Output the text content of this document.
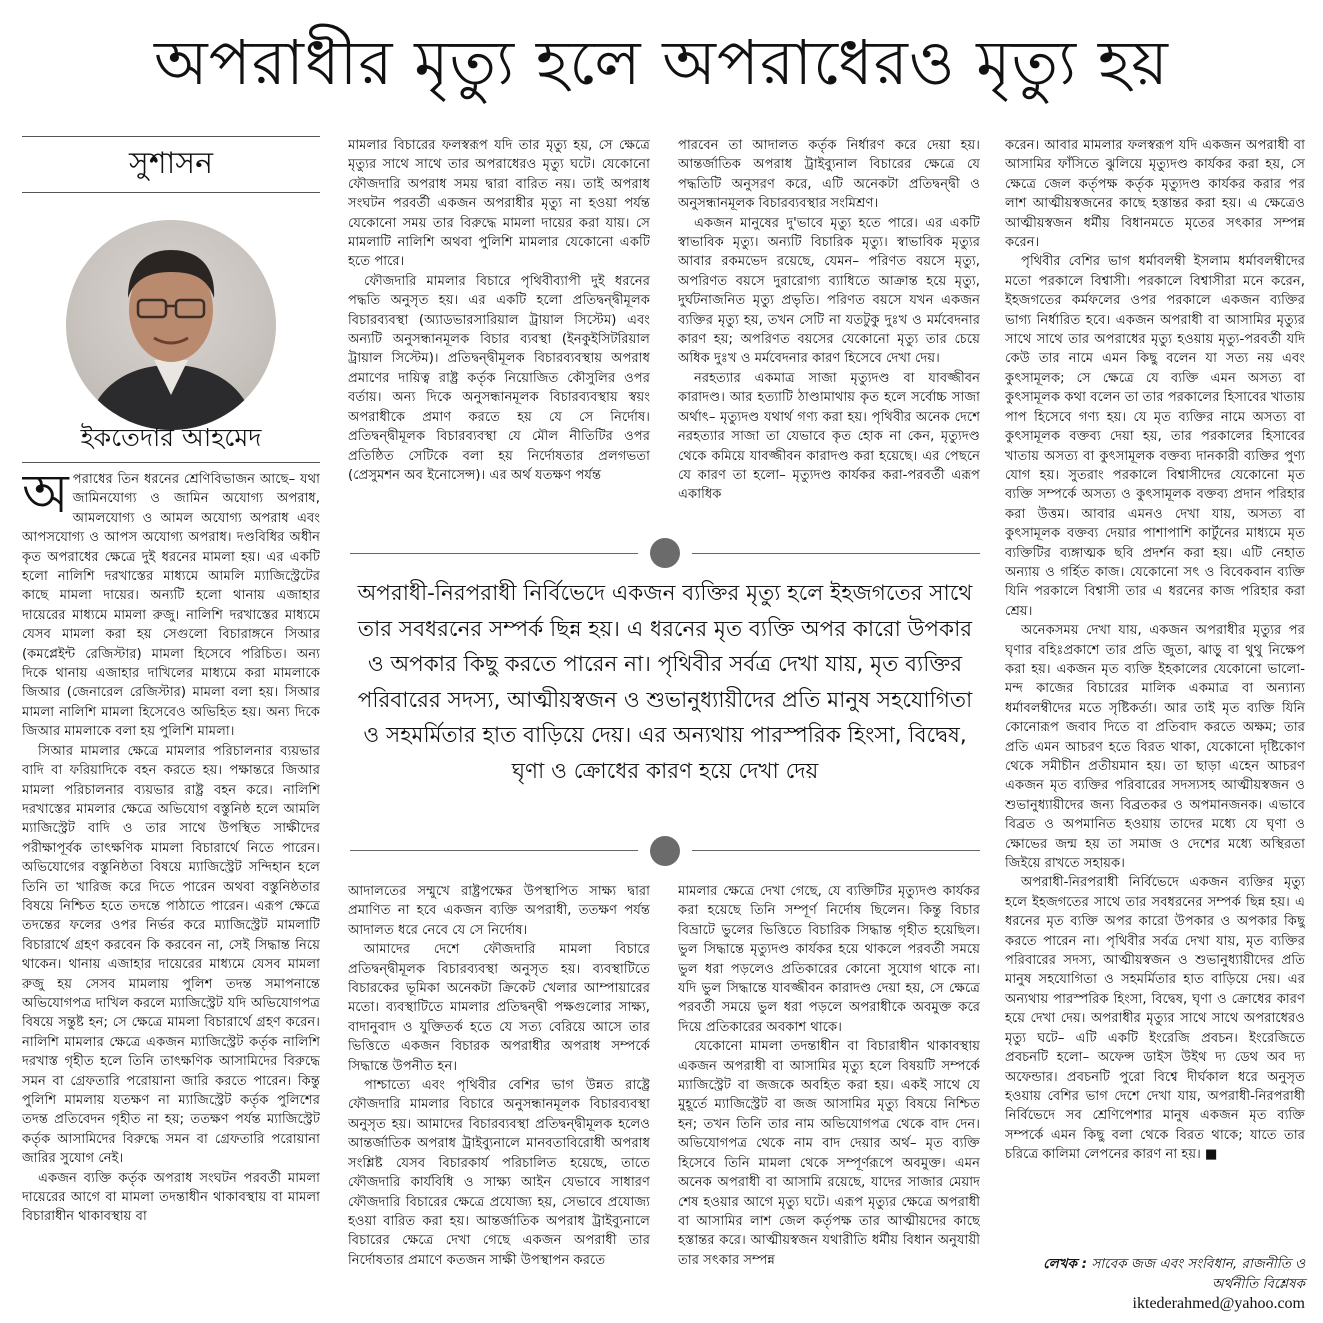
অপরাধীর মৃত্যু হলে অপরাধেরও মৃত্যু হয়
সুশাসন
ইকতেদার আহমেদ

অপরাধের তিন ধরনের শ্রেণিবিভাজন আছে– যথা জামিনযোগ্য ও জামিন অযোগ্য অপরাধ, আমলযোগ্য ও আমল অযোগ্য অপরাধ এবং আপসযোগ্য ও আপস অযোগ্য অপরাধ। দণ্ডবিধির অধীন কৃত অপরাধের ক্ষেত্রে দুই ধরনের মামলা হয়। এর একটি হলো নালিশি দরখাস্তের মাধ্যমে আমলি ম্যাজিস্ট্রেটের কাছে মামলা দায়ের। অন্যটি হলো থানায় এজাহার দায়েরের মাধ্যমে মামলা রুজু। নালিশি দরখাস্তের মাধ্যমে যেসব মামলা করা হয় সেগুলো বিচারাঙ্গনে সিআর (কমপ্লেইন্ট রেজিস্টার) মামলা হিসেবে পরিচিত। অন্য দিকে থানায় এজাহার দাখিলের মাধ্যমে করা মামলাকে জিআর (জেনারেল রেজিস্টার) মামলা বলা হয়। সিআর মামলা নালিশি মামলা হিসেবেও অভিহিত হয়। অন্য দিকে জিআর মামলাকে বলা হয় পুলিশি মামলা।

সিআর মামলার ক্ষেত্রে মামলার পরিচালনার ব্যয়ভার বাদি বা ফরিয়াদিকে বহন করতে হয়। পক্ষান্তরে জিআর মামলা পরিচালনার ব্যয়ভার রাষ্ট্র বহন করে। নালিশি দরখাস্তের মামলার ক্ষেত্রে অভিযোগ বস্তুনিষ্ঠ হলে আমলি ম্যাজিস্ট্রেট বাদি ও তার সাথে উপস্থিত সাক্ষীদের পরীক্ষাপূর্বক তাৎক্ষণিক মামলা বিচারার্থে নিতে পারেন। অভিযোগের বস্তুনিষ্ঠতা বিষয়ে ম্যাজিস্ট্রেট সন্দিহান হলে তিনি তা খারিজ করে দিতে পারেন অথবা বস্তুনিষ্ঠতার বিষয়ে নিশ্চিত হতে তদন্তে পাঠাতে পারেন। এরূপ ক্ষেত্রে তদন্তের ফলের ওপর নির্ভর করে ম্যাজিস্ট্রেট মামলাটি বিচারার্থে গ্রহণ করবেন কি করবেন না, সেই সিদ্ধান্ত নিয়ে থাকেন। থানায় এজাহার দায়েরের মাধ্যমে যেসব মামলা রুজু হয় সেসব মামলায় পুলিশ তদন্ত সমাপনান্তে অভিযোগপত্র দাখিল করলে ম্যাজিস্ট্রেট যদি অভিযোগপত্র বিষয়ে সন্তুষ্ট হন; সে ক্ষেত্রে মামলা বিচারার্থে গ্রহণ করেন। নালিশি মামলার ক্ষেত্রে একজন ম্যাজিস্ট্রেট কর্তৃক নালিশি দরখাস্ত গৃহীত হলে তিনি তাৎক্ষণিক আসামিদের বিরুদ্ধে সমন বা গ্রেফতারি পরোয়ানা জারি করতে পারেন। কিন্তু পুলিশি মামলায় যতক্ষণ না ম্যাজিস্ট্রেট কর্তৃক পুলিশের তদন্ত প্রতিবেদন গৃহীত না হয়; ততক্ষণ পর্যন্ত ম্যাজিস্ট্রেট কর্তৃক আসামিদের বিরুদ্ধে সমন বা গ্রেফতারি পরোয়ানা জারির সুযোগ নেই।

একজন ব্যক্তি কর্তৃক অপরাধ সংঘটন পরবর্তী মামলা দায়েরের আগে বা মামলা তদন্তাধীন থাকাবস্থায় বা মামলা বিচারাধীন থাকাবস্থায় বা

মামলার বিচারের ফলস্বরূপ যদি তার মৃত্যু হয়, সে ক্ষেত্রে মৃত্যুর সাথে সাথে তার অপরাধেরও মৃত্যু ঘটে। যেকোনো ফৌজদারি অপরাধ সময় দ্বারা বারিত নয়। তাই অপরাধ সংঘটন পরবর্তী একজন অপরাধীর মৃত্যু না হওয়া পর্যন্ত যেকোনো সময় তার বিরুদ্ধে মামলা দায়ের করা যায়। সে মামলাটি নালিশি অথবা পুলিশি মামলার যেকোনো একটি হতে পারে।

ফৌজদারি মামলার বিচারে পৃথিবীব্যাপী দুই ধরনের পদ্ধতি অনুসৃত হয়। এর একটি হলো প্রতিদ্বন্দ্বীমূলক বিচারব্যবস্থা (অ্যাডভারসারিয়াল ট্রায়াল সিস্টেম) এবং অন্যটি অনুসন্ধানমূলক বিচার ব্যবস্থা (ইনকুইসিটরিয়াল ট্রায়াল সিস্টেম)। প্রতিদ্বন্দ্বীমূলক বিচারব্যবস্থায় অপরাধ প্রমাণের দায়িত্ব রাষ্ট্র কর্তৃক নিয়োজিত কৌসুলির ওপর বর্তায়। অন্য দিকে অনুসন্ধানমূলক বিচারব্যবস্থায় স্বয়ং অপরাধীকে প্রমাণ করতে হয় যে সে নির্দোষ। প্রতিদ্বন্দ্বীমূলক বিচারব্যবস্থা যে মৌল নীতিটির ওপর প্রতিষ্ঠিত সেটিকে বলা হয় নির্দোষতার প্রলগভতা (প্রেসুমশন অব ইনোসেন্স)। এর অর্থ যতক্ষণ পর্যন্ত

পারবেন তা আদালত কর্তৃক নির্ধারণ করে দেয়া হয়। আন্তর্জাতিক অপরাধ ট্রাইব্যুনাল বিচারের ক্ষেত্রে যে পদ্ধতিটি অনুসরণ করে, এটি অনেকটা প্রতিদ্বন্দ্বী ও অনুসন্ধানমূলক বিচারব্যবস্থার সংমিশ্রণ।

একজন মানুষের দু'ভাবে মৃত্যু হতে পারে। এর একটি স্বাভাবিক মৃত্যু। অন্যটি বিচারিক মৃত্যু। স্বাভাবিক মৃত্যুর আবার রকমভেদ রয়েছে, যেমন– পরিণত বয়সে মৃত্যু, অপরিণত বয়সে দুরারোগ্য ব্যাধিতে আক্রান্ত হয়ে মৃত্যু, দুর্ঘটনাজনিত মৃত্যু প্রভৃতি। পরিণত বয়সে যখন একজন ব্যক্তির মৃত্যু হয়, তখন সেটি না যতটুকু দুঃখ ও মর্মবেদনার কারণ হয়; অপরিণত বয়সের যেকোনো মৃত্যু তার চেয়ে অধিক দুঃখ ও মর্মবেদনার কারণ হিসেবে দেখা দেয়।

নরহত্যার একমাত্র সাজা মৃত্যুদণ্ড বা যাবজ্জীবন কারাদণ্ড। আর হত্যাটি ঠাণ্ডামাথায় কৃত হলে সর্বোচ্চ সাজা অর্থাৎ– মৃত্যুদণ্ড যথার্থ গণ্য করা হয়। পৃথিবীর অনেক দেশে নরহত্যার সাজা তা যেভাবে কৃত হোক না কেন, মৃত্যুদণ্ড থেকে কমিয়ে যাবজ্জীবন কারাদণ্ড করা হয়েছে। এর পেছনে যে কারণ তা হলো– মৃত্যুদণ্ড কার্যকর করা-পরবর্তী এরূপ একাধিক

অপরাধী-নিরপরাধী নির্বিভেদে একজন ব্যক্তির মৃত্যু হলে ইহজগতের সাথে তার সবধরনের সম্পর্ক ছিন্ন হয়। এ ধরনের মৃত ব্যক্তি অপর কারো উপকার ও অপকার কিছু করতে পারেন না। পৃথিবীর সর্বত্র দেখা যায়, মৃত ব্যক্তির পরিবারের সদস্য, আত্মীয়স্বজন ও শুভানুধ্যায়ীদের প্রতি মানুষ সহযোগিতা ও সহমর্মিতার হাত বাড়িয়ে দেয়। এর অন্যথায় পারস্পরিক হিংসা, বিদ্বেষ, ঘৃণা ও ক্রোধের কারণ হয়ে দেখা দেয়

আদালতের সম্মুখে রাষ্ট্রপক্ষের উপস্থাপিত সাক্ষ্য দ্বারা প্রমাণিত না হবে একজন ব্যক্তি অপরাধী, ততক্ষণ পর্যন্ত আদালত ধরে নেবে যে সে নির্দোষ।

আমাদের দেশে ফৌজদারি মামলা বিচারে প্রতিদ্বন্দ্বীমূলক বিচারব্যবস্থা অনুসৃত হয়। ব্যবস্থাটিতে বিচারকের ভূমিকা অনেকটা ক্রিকেট খেলার আম্পায়ারের মতো। ব্যবস্থাটিতে মামলার প্রতিদ্বন্দ্বী পক্ষগুলোর সাক্ষ্য, বাদানুবাদ ও যুক্তিতর্ক হতে যে সত্য বেরিয়ে আসে তার ভিত্তিতে একজন বিচারক অপরাধীর অপরাধ সম্পর্কে সিদ্ধান্তে উপনীত হন।

পাশ্চাত্যে এবং পৃথিবীর বেশির ভাগ উন্নত রাষ্ট্রে ফৌজদারি মামলার বিচারে অনুসন্ধানমূলক বিচারব্যবস্থা অনুসৃত হয়। আমাদের বিচারব্যবস্থা প্রতিদ্বন্দ্বীমূলক হলেও আন্তর্জাতিক অপরাধ ট্রাইব্যুনালে মানবতাবিরোধী অপরাধ সংশ্লিষ্ট যেসব বিচারকার্য পরিচালিত হয়েছে, তাতে ফৌজদারি কার্যবিধি ও সাক্ষ্য আইন যেভাবে সাধারণ ফৌজদারি বিচারের ক্ষেত্রে প্রযোজ্য হয়, সেভাবে প্রযোজ্য হওয়া বারিত করা হয়। আন্তর্জাতিক অপরাধ ট্রাইব্যুনালে বিচারের ক্ষেত্রে দেখা গেছে একজন অপরাধী তার নির্দোষতার প্রমাণে কতজন সাক্ষী উপস্থাপন করতে

মামলার ক্ষেত্রে দেখা গেছে, যে ব্যক্তিটির মৃত্যুদণ্ড কার্যকর করা হয়েছে তিনি সম্পূর্ণ নির্দোষ ছিলেন। কিন্তু বিচার বিভ্রাটে ভুলের ভিত্তিতে বিচারিক সিদ্ধান্ত গৃহীত হয়েছিল। ভুল সিদ্ধান্তে মৃত্যুদণ্ড কার্যকর হয়ে থাকলে পরবর্তী সময়ে ভুল ধরা পড়লেও প্রতিকারের কোনো সুযোগ থাকে না। যদি ভুল সিদ্ধান্তে যাবজ্জীবন কারাদণ্ড দেয়া হয়, সে ক্ষেত্রে পরবর্তী সময়ে ভুল ধরা পড়লে অপরাধীকে অবমুক্ত করে দিয়ে প্রতিকারের অবকাশ থাকে।

যেকোনো মামলা তদন্তাধীন বা বিচারাধীন থাকাবস্থায় একজন অপরাধী বা আসামির মৃত্যু হলে বিষয়টি সম্পর্কে ম্যাজিস্ট্রেট বা জজকে অবহিত করা হয়। একই সাথে যে মুহূর্তে ম্যাজিস্ট্রেট বা জজ আসামির মৃত্যু বিষয়ে নিশ্চিত হন; তখন তিনি তার নাম অভিযোগপত্র থেকে বাদ দেন। অভিযোগপত্র থেকে নাম বাদ দেয়ার অর্থ– মৃত ব্যক্তি হিসেবে তিনি মামলা থেকে সম্পূর্ণরূপে অবমুক্ত। এমন অনেক অপরাধী বা আসামি রয়েছে, যাদের সাজার মেয়াদ শেষ হওয়ার আগে মৃত্যু ঘটে। এরূপ মৃত্যুর ক্ষেত্রে অপরাধী বা আসামির লাশ জেল কর্তৃপক্ষ তার আত্মীয়দের কাছে হস্তান্তর করে। আত্মীয়স্বজন যথারীতি ধর্মীয় বিধান অনুযায়ী তার সৎকার সম্পন্ন

করেন। আবার মামলার ফলস্বরূপ যদি একজন অপরাধী বা আসামির ফাঁসিতে ঝুলিয়ে মৃত্যুদণ্ড কার্যকর করা হয়, সে ক্ষেত্রে জেল কর্তৃপক্ষ কর্তৃক মৃত্যুদণ্ড কার্যকর করার পর লাশ আত্মীয়স্বজনের কাছে হস্তান্তর করা হয়। এ ক্ষেত্রেও আত্মীয়স্বজন ধর্মীয় বিধানমতে মৃতের সৎকার সম্পন্ন করেন।

পৃথিবীর বেশির ভাগ ধর্মাবলম্বী ইসলাম ধর্মাবলম্বীদের মতো পরকালে বিশ্বাসী। পরকালে বিশ্বাসীরা মনে করেন, ইহজগতের কর্মফলের ওপর পরকালে একজন ব্যক্তির ভাগ্য নির্ধারিত হবে। একজন অপরাধী বা আসামির মৃত্যুর সাথে সাথে তার অপরাধের মৃত্যু হওয়ায় মৃত্যু-পরবর্তী যদি কেউ তার নামে এমন কিছু বলেন যা সত্য নয় এবং কুৎসামূলক; সে ক্ষেত্রে যে ব্যক্তি এমন অসত্য বা কুৎসামূলক কথা বলেন তা তার পরকালের হিসাবের খাতায় পাপ হিসেবে গণ্য হয়। যে মৃত ব্যক্তির নামে অসত্য বা কুৎসামূলক বক্তব্য দেয়া হয়, তার পরকালের হিসাবের খাতায় অসত্য বা কুৎসামূলক বক্তব্য দানকারী ব্যক্তির পুণ্য যোগ হয়। সুতরাং পরকালে বিশ্বাসীদের যেকোনো মৃত ব্যক্তি সম্পর্কে অসত্য ও কুৎসামূলক বক্তব্য প্রদান পরিহার করা উত্তম। আবার এমনও দেখা যায়, অসত্য বা কুৎসামূলক বক্তব্য দেয়ার পাশাপাশি কার্টুনের মাধ্যমে মৃত ব্যক্তিটির ব্যঙ্গাত্মক ছবি প্রদর্শন করা হয়। এটি নেহাত অন্যায় ও গর্হিত কাজ। যেকোনো সৎ ও বিবেকবান ব্যক্তি যিনি পরকালে বিশ্বাসী তার এ ধরনের কাজ পরিহার করা শ্রেয়।

অনেকসময় দেখা যায়, একজন অপরাধীর মৃত্যুর পর ঘৃণার বহিঃপ্রকাশে তার প্রতি জুতা, ঝাড়ু বা থুথু নিক্ষেপ করা হয়। একজন মৃত ব্যক্তি ইহকালের যেকোনো ভালো-মন্দ কাজের বিচারের মালিক একমাত্র বা অন্যান্য ধর্মাবলম্বীদের মতে সৃষ্টিকর্তা। আর তাই মৃত ব্যক্তি যিনি কোনোরূপ জবাব দিতে বা প্রতিবাদ করতে অক্ষম; তার প্রতি এমন আচরণ হতে বিরত থাকা, যেকোনো দৃষ্টিকোণ থেকে সমীচীন প্রতীয়মান হয়। তা ছাড়া এহেন আচরণ একজন মৃত ব্যক্তির পরিবারের সদস্যসহ আত্মীয়স্বজন ও শুভানুধ্যায়ীদের জন্য বিব্রতকর ও অপমানজনক। এভাবে বিব্রত ও অপমানিত হওয়ায় তাদের মধ্যে যে ঘৃণা ও ক্ষোভের জন্ম হয় তা সমাজ ও দেশের মধ্যে অস্থিরতা জিইয়ে রাখতে সহায়ক।

অপরাধী-নিরপরাধী নির্বিভেদে একজন ব্যক্তির মৃত্যু হলে ইহজগতের সাথে তার সবধরনের সম্পর্ক ছিন্ন হয়। এ ধরনের মৃত ব্যক্তি অপর কারো উপকার ও অপকার কিছু করতে পারেন না। পৃথিবীর সর্বত্র দেখা যায়, মৃত ব্যক্তির পরিবারের সদস্য, আত্মীয়স্বজন ও শুভানুধ্যায়ীদের প্রতি মানুষ সহযোগিতা ও সহমর্মিতার হাত বাড়িয়ে দেয়। এর অন্যথায় পারস্পরিক হিংসা, বিদ্বেষ, ঘৃণা ও ক্রোধের কারণ হয়ে দেখা দেয়। অপরাধীর মৃত্যুর সাথে সাথে অপরাধেরও মৃত্যু ঘটে– এটি একটি ইংরেজি প্রবচন। ইংরেজিতে প্রবচনটি হলো– অফেন্স ডাইস উইথ দ্য ডেথ অব দ্য অফেন্ডার। প্রবচনটি পুরো বিশ্বে দীর্ঘকাল ধরে অনুসৃত হওয়ায় বেশির ভাগ দেশে দেখা যায়, অপরাধী-নিরপরাধী নির্বিভেদে সব শ্রেণিপেশার মানুষ একজন মৃত ব্যক্তি সম্পর্কে এমন কিছু বলা থেকে বিরত থাকে; যাতে তার চরিত্রে কালিমা লেপনের কারণ না হয়। ■

লেখক : সাবেক জজ এবং সংবিধান, রাজনীতি ও
অর্থনীতি বিশ্লেষক
iktederahmed@yahoo.com
